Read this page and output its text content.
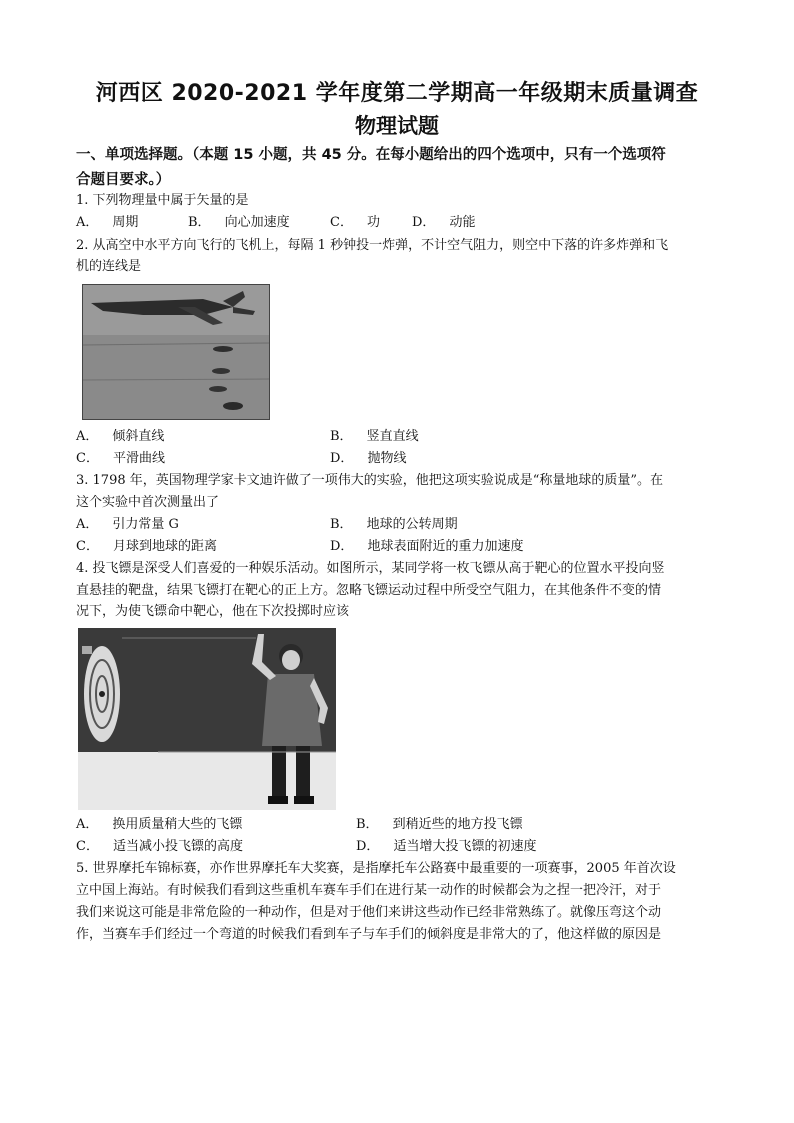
河西区 2020-2021 学年度第二学期高一年级期末质量调查
物理试题
一、单项选择题。（本题 15 小题，共 45 分。在每小题给出的四个选项中，只有一个选项符
合题目要求。）
1. 下列物理量中属于矢量的是
A． 周期	B． 向心加速度	C． 功 D． 动能
2. 从高空中水平方向飞行的飞机上，每隔 1 秒钟投一炸弹，不计空气阻力，则空中下落的许多炸弹和飞
机的连线是
A． 倾斜直线	B． 竖直直线
C． 平滑曲线	D． 抛物线
3. 1798 年，英国物理学家卡文迪许做了一项伟大的实验，他把这项实验说成是“称量地球的质量”。在
这个实验中首次测量出了
A． 引力常量 G	B． 地球的公转周期
C． 月球到地球的距离	D． 地球表面附近的重力加速度
4. 投飞镖是深受人们喜爱的一种娱乐活动。如图所示，某同学将一枚飞镖从高于靶心的位置水平投向竖
直悬挂的靶盘，结果飞镖打在靶心的正上方。忽略飞镖运动过程中所受空气阻力，在其他条件不变的情
况下，为使飞镖命中靶心，他在下次投掷时应该
A． 换用质量稍大些的飞镖	B． 到稍近些的地方投飞镖
C． 适当减小投飞镖的高度	D． 适当增大投飞镖的初速度
5. 世界摩托车锦标赛，亦作世界摩托车大奖赛，是指摩托车公路赛中最重要的一项赛事，2005 年首次设
立中国上海站。有时候我们看到这些重机车赛车手们在进行某一动作的时候都会为之捏一把冷汗，对于
我们来说这可能是非常危险的一种动作，但是对于他们来讲这些动作已经非常熟练了。就像压弯这个动
作，当赛车手们经过一个弯道的时候我们看到车子与车手们的倾斜度是非常大的了，他这样做的原因是
